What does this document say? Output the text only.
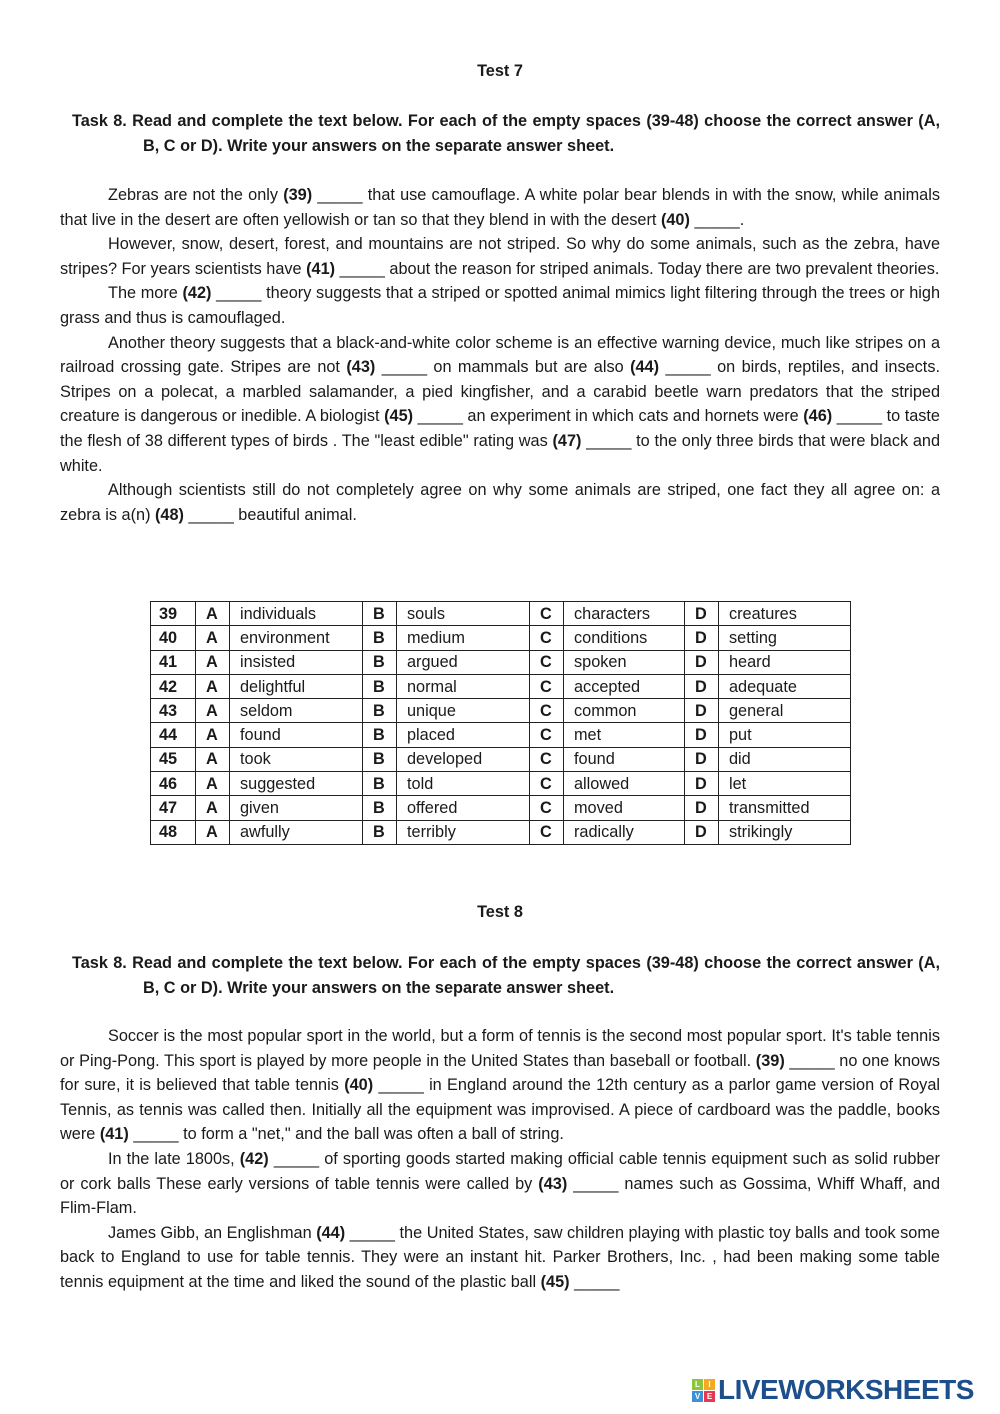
Test 7
Task 8. Read and complete the text below. For each of the empty spaces (39-48) choose the correct answer (A, B, C or D). Write your answers on the separate answer sheet.

Zebras are not the only (39) _____ that use camouflage. A white polar bear blends in with the snow, while animals that live in the desert are often yellowish or tan so that they blend in with the desert (40) _____.

However, snow, desert, forest, and mountains are not striped. So why do some animals, such as the zebra, have stripes? For years scientists have (41) _____ about the reason for striped animals. Today there are two prevalent theories.

The more (42) _____ theory suggests that a striped or spotted animal mimics light filtering through the trees or high grass and thus is camouflaged.

Another theory suggests that a black-and-white color scheme is an effective warning device, much like stripes on a railroad crossing gate. Stripes are not (43) _____ on mammals but are also (44) _____ on birds, reptiles, and insects. Stripes on a polecat, a marbled salamander, a pied kingfisher, and a carabid beetle warn predators that the striped creature is dangerous or inedible. A biologist (45) _____ an experiment in which cats and hornets were (46) _____ to taste the flesh of 38 different types of birds . The "least edible" rating was (47) _____ to the only three birds that were black and white.

Although scientists still do not completely agree on why some animals are striped, one fact they all agree on: a zebra is a(n) (48) _____ beautiful animal.

39	A	individuals	B	souls	C	characters	D	creatures
40	A	environment	B	medium	C	conditions	D	setting
41	A	insisted	B	argued	C	spoken	D	heard
42	A	delightful	B	normal	C	accepted	D	adequate
43	A	seldom	B	unique	C	common	D	general
44	A	found	B	placed	C	met	D	put
45	A	took	B	developed	C	found	D	did
46	A	suggested	B	told	C	allowed	D	let
47	A	given	B	offered	C	moved	D	transmitted
48	A	awfully	B	terribly	C	radically	D	strikingly
Test 8
Task 8. Read and complete the text below. For each of the empty spaces (39-48) choose the correct answer (A, B, C or D). Write your answers on the separate answer sheet.

Soccer is the most popular sport in the world, but a form of tennis is the second most popular sport. It's table tennis or Ping-Pong. This sport is played by more people in the United States than baseball or football. (39) _____ no one knows for sure, it is believed that table tennis (40) _____ in England around the 12th century as a parlor game version of Royal Tennis, as tennis was called then. Initially all the equipment was improvised. A piece of cardboard was the paddle, books were (41) _____ to form a "net," and the ball was often a ball of string.

In the late 1800s, (42) _____ of sporting goods started making official cable tennis equipment such as solid rubber or cork balls These early versions of table tennis were called by (43) _____ names such as Gossima, Whiff Whaff, and Flim-Flam.

James Gibb, an Englishman (44) _____ the United States, saw children playing with plastic toy balls and took some back to England to use for table tennis. They were an instant hit. Parker Brothers, Inc. , had been making some table tennis equipment at the time and liked the sound of the plastic ball (45) _____

L	I
V E LIVEWORKSHEETS
